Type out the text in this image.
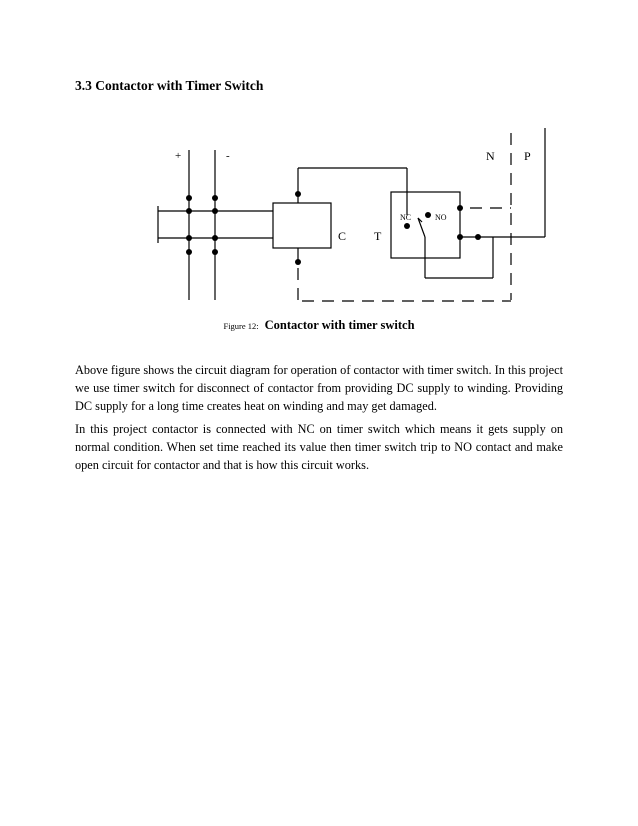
3.3 Contactor with Timer Switch
+	-	N P
C T
NC	NO
Figure 12: Contactor with timer switch

Above figure shows the circuit diagram for operation of contactor with timer switch. In this project we use timer switch for disconnect of contactor from providing DC supply to winding. Providing DC supply for a long time creates heat on winding and may get damaged.

In this project contactor is connected with NC on timer switch which means it gets supply on normal condition. When set time reached its value then timer switch trip to NO contact and make open circuit for contactor and that is how this circuit works.
